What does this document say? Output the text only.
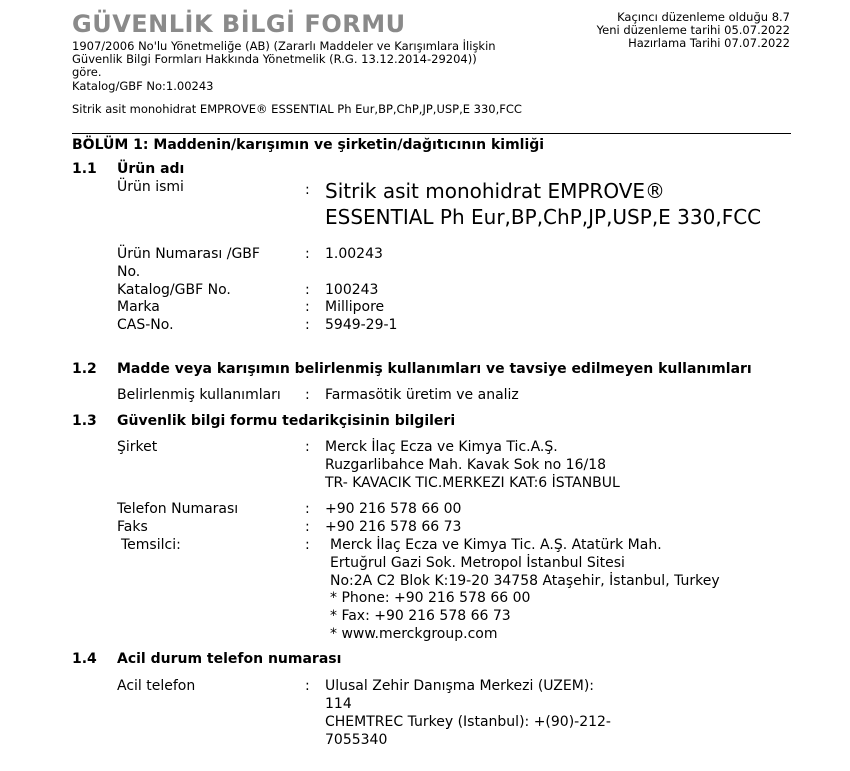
GÜVENLİK BİLGİ FORMU
1907/2006 No'lu Yönetmeliğe (AB) (Zararlı Maddeler ve Karışımlara İlişkin
Güvenlik Bilgi Formları Hakkında Yönetmelik (R.G. 13.12.2014-29204))
göre.
Katalog/GBF No:1.00243
Kaçıncı düzenleme olduğu 8.7
Yeni düzenleme tarihi 05.07.2022
Hazırlama Tarihi 07.07.2022
Sitrik asit monohidrat EMPROVE® ESSENTIAL Ph Eur,BP,ChP,JP,USP,E 330,FCC
BÖLÜM 1: Maddenin/karışımın ve şirketin/dağıtıcının kimliği
1.1 Ürün adı
Ürün ismi	: Sitrik asit monohidrat EMPROVE®
ESSENTIAL Ph Eur,BP,ChP,JP,USP,E 330,FCC
Ürün Numarası /GBF
No.
: 1.00243
Katalog/GBF No.	: 100243
Marka	: Millipore
CAS-No.	: 5949-29-1
1.2 Madde veya karışımın belirlenmiş kullanımları ve tavsiye edilmeyen kullanımları
Belirlenmiş kullanımları : Farmasötik üretim ve analiz
1.3 Güvenlik bilgi formu tedarikçisinin bilgileri
Şirket	: Merck İlaç Ecza ve Kimya Tic.A.Ş.
Ruzgarlibahce Mah. Kavak Sok no 16/18
TR- KAVACIK TIC.MERKEZI KAT:6 İSTANBUL
Telefon Numarası	: +90 216 578 66 00
Faks	: +90 216 578 66 73
Temsilci:	: Merck İlaç Ecza ve Kimya Tic. A.Ş. Atatürk Mah.
Ertuğrul Gazi Sok. Metropol İstanbul Sitesi
No:2A C2 Blok K:19-20 34758 Ataşehir, İstanbul, Turkey
* Phone: +90 216 578 66 00
* Fax: +90 216 578 66 73
* www.merckgroup.com
1.4 Acil durum telefon numarası
Acil telefon	: Ulusal Zehir Danışma Merkezi (UZEM):
114
CHEMTREC Turkey (Istanbul): +(90)-212-
7055340
